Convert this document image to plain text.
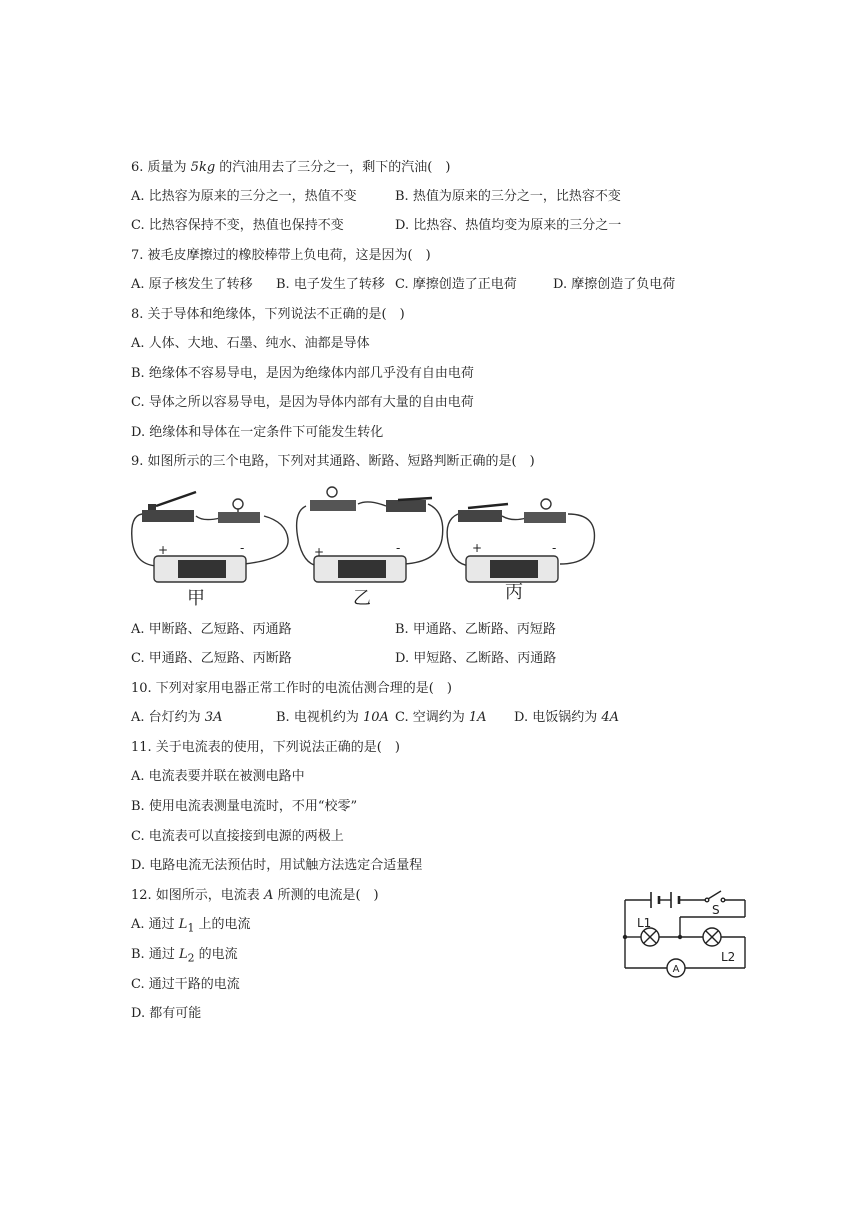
6. 质量为 5kg 的汽油用去了三分之一，剩下的汽油(　)
A. 比热容为原来的三分之一，热值不变	B. 热值为原来的三分之一，比热容不变
C. 比热容保持不变，热值也保持不变	D. 比热容、热值均变为原来的三分之一
7. 被毛皮摩擦过的橡胶棒带上负电荷，这是因为(　)
A. 原子核发生了转移 B. 电子发生了转移 C. 摩擦创造了正电荷	D. 摩擦创造了负电荷
8. 关于导体和绝缘体，下列说法不正确的是(　)
A. 人体、大地、石墨、纯水、油都是导体
B. 绝缘体不容易导电，是因为绝缘体内部几乎没有自由电荷
C. 导体之所以容易导电，是因为导体内部有大量的自由电荷
D. 绝缘体和导体在一定条件下可能发生转化
9. 如图所示的三个电路，下列对其通路、断路、短路判断正确的是(　)
+	-
甲
+	-
乙
+	-
丙
A. 甲断路、乙短路、丙通路	B. 甲通路、乙断路、丙短路
C. 甲通路、乙短路、丙断路	D. 甲短路、乙断路、丙通路
10. 下列对家用电器正常工作时的电流估测合理的是(　)
A. 台灯约为 3A	B. 电视机约为 10A C. 空调约为 1A D. 电饭锅约为 4A
11. 关于电流表的使用，下列说法正确的是(　)
A. 电流表要并联在被测电路中
B. 使用电流表测量电流时，不用“校零”
C. 电流表可以直接接到电源的两极上
D. 电路电流无法预估时，用试触方法选定合适量程
12. 如图所示，电流表 A 所测的电流是(　)
A. 通过 $L_1$ 上的电流
B. 通过 $L_2$ 的电流
C. 通过干路的电流
D. 都有可能
S
L1
L2
A
